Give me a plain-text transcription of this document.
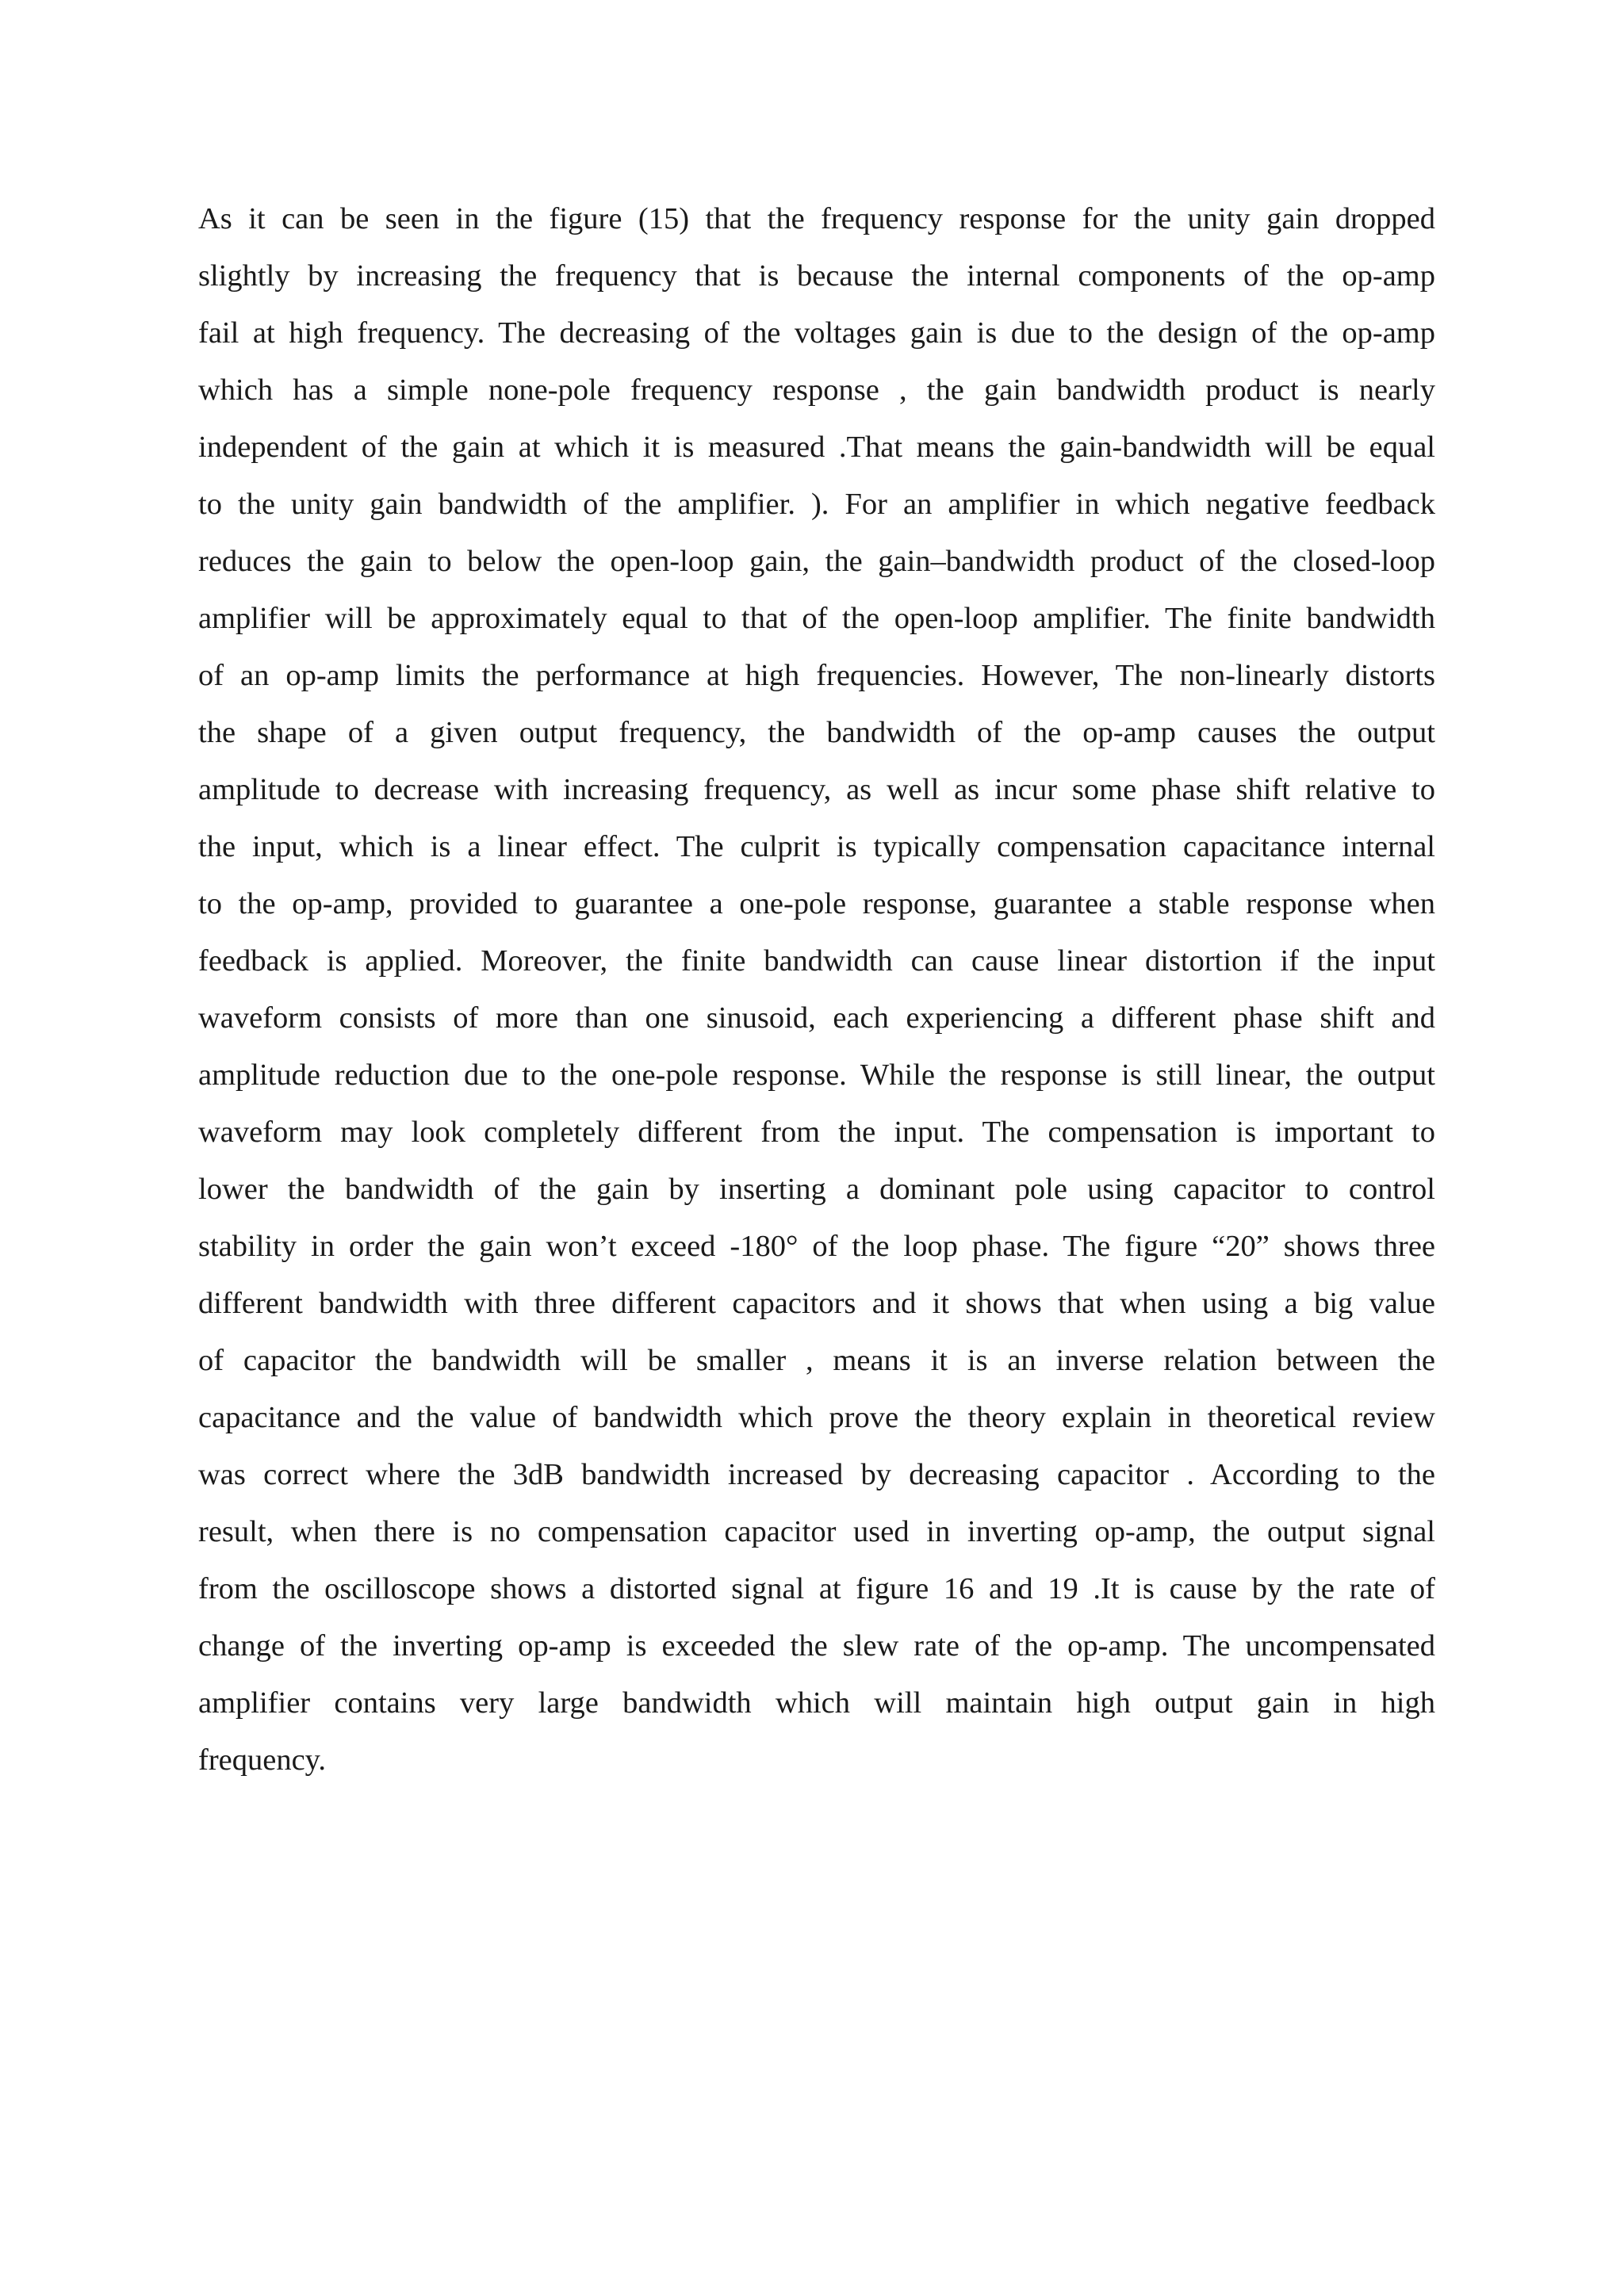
As it can be seen in the figure (15) that the frequency response for the unity gain dropped
slightly by increasing the frequency that is because the internal components of the op-amp
fail at high frequency. The decreasing of the voltages gain is due to the design of the op-amp
which has a simple none-pole frequency response , the gain bandwidth product is nearly
independent of the gain at which it is measured .That means the gain-bandwidth will be equal
to the unity gain bandwidth of the amplifier. ). For an amplifier in which negative feedback
reduces the gain to below the open-loop gain, the gain–bandwidth product of the closed-loop
amplifier will be approximately equal to that of the open-loop amplifier. The finite bandwidth
of an op-amp limits the performance at high frequencies. However, The non-linearly distorts
the shape of a given output frequency, the bandwidth of the op-amp causes the output
amplitude to decrease with increasing frequency, as well as incur some phase shift relative to
the input, which is a linear effect. The culprit is typically compensation capacitance internal
to the op-amp, provided to guarantee a one-pole response, guarantee a stable response when
feedback is applied. Moreover, the finite bandwidth can cause linear distortion if the input
waveform consists of more than one sinusoid, each experiencing a different phase shift and
amplitude reduction due to the one-pole response. While the response is still linear, the output
waveform may look completely different from the input. The compensation is important to
lower the bandwidth of the gain by inserting a dominant pole using capacitor to control
stability in order the gain won’t exceed -180° of the loop phase. The figure “20” shows three
different bandwidth with three different capacitors and it shows that when using a big value
of capacitor the bandwidth will be smaller , means it is an inverse relation between the
capacitance and the value of bandwidth which prove the theory explain in theoretical review
was correct where the 3dB bandwidth increased by decreasing capacitor . According to the
result, when there is no compensation capacitor used in inverting op-amp, the output signal
from the oscilloscope shows a distorted signal at figure 16 and 19 .It is cause by the rate of
change of the inverting op-amp is exceeded the slew rate of the op-amp. The uncompensated
amplifier contains very large bandwidth which will maintain high output gain in high
frequency.
